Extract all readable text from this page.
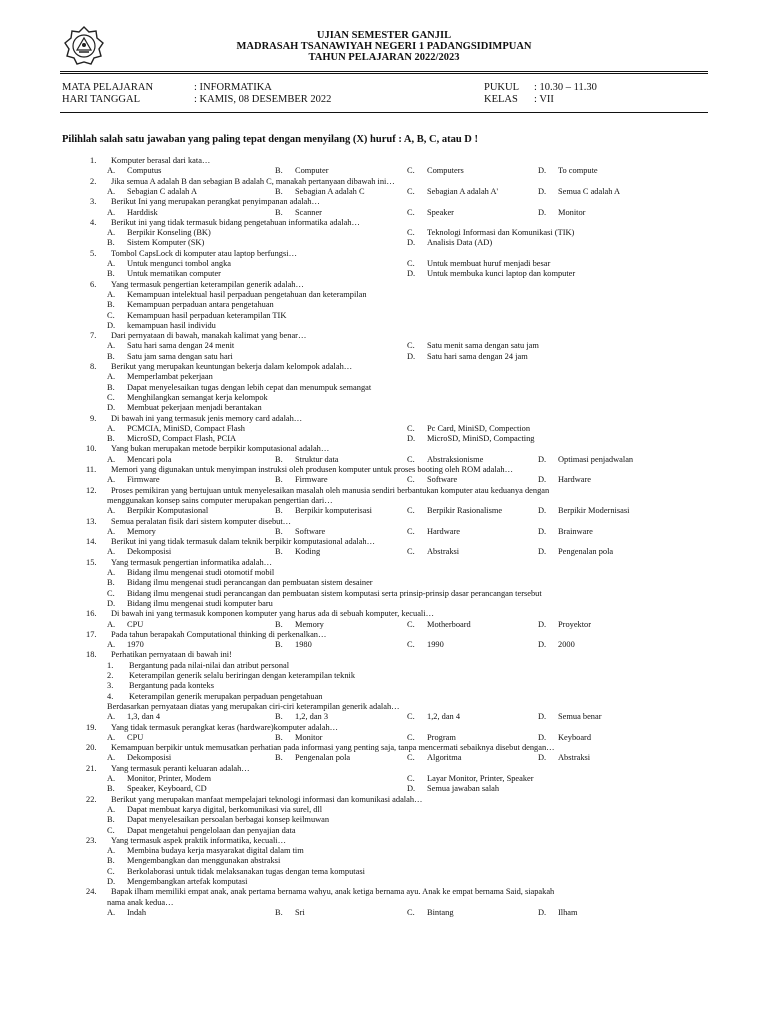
UJIAN SEMESTER GANJIL
MADRASAH TSANAWIYAH NEGERI 1 PADANGSIDIMPUAN
TAHUN PELAJARAN 2022/2023
MATA PELAJARAN	: INFORMATIKA
HARI TANGGAL	: KAMIS, 08 DESEMBER 2022
PUKUL : 10.30 – 11.30
KELAS : VII
Pilihlah salah satu jawaban yang paling tepat dengan menyilang (X) huruf : A, B, C, atau D !
1. Komputer berasal dari kata…
A. Computus	B. Computer	C. Computers	D. To compute
2. Jika semua A adalah B dan sebagian B adalah C, manakah pertanyaan dibawah ini…
A. Sebagian C adalah A	B. Sebagian A adalah C	C. Sebagian A adalah A'	D. Semua C adalah A
3. Berikut Ini yang merupakan perangkat penyimpanan adalah…
A. Harddisk	B. Scanner	C. Speaker	D. Monitor
4. Berikut ini yang tidak termasuk bidang pengetahuan informatika adalah…
A. Berpikir Konseling (BK)	C. Teknologi Informasi dan Komunikasi (TIK)
B. Sistem Komputer (SK)	D. Analisis Data (AD)
5. Tombol CapsLock di komputer atau laptop berfungsi…
A. Untuk mengunci tombol angka	C. Untuk membuat huruf menjadi besar
B. Untuk mematikan computer	D. Untuk membuka kunci laptop dan komputer
6. Yang termasuk pengertian keterampilan generik adalah…
A. Kemampuan intelektual hasil perpaduan pengetahuan dan keterampilan
B. Kemampuan perpaduan antara pengetahuan
C. Kemampuan hasil perpaduan keterampilan TIK
D. kemampuan hasil individu
7. Dari pernyataan di bawah, manakah kalimat yang benar…
A. Satu hari sama dengan 24 menit	C. Satu menit sama dengan satu jam
B. Satu jam sama dengan satu hari	D. Satu hari sama dengan 24 jam
8. Berikut yang merupakan keuntungan bekerja dalam kelompok adalah…
A. Memperlambat pekerjaan
B. Dapat menyelesaikan tugas dengan lebih cepat dan menumpuk semangat
C. Menghilangkan semangat kerja kelompok
D. Membuat pekerjaan menjadi berantakan
9. Di bawah ini yang termasuk jenis memory card adalah…
A. PCMCIA, MiniSD, Compact Flash	C. Pc Card, MiniSD, Compection
B. MicroSD, Compact Flash, PCIA	D. MicroSD, MiniSD, Compacting
10. Yang bukan merupakan metode berpikir komputasional adalah…
A. Mencari pola	B. Struktur data	C. Abstraksionisme	D. Optimasi penjadwalan
11. Memori yang digunakan untuk menyimpan instruksi oleh produsen komputer untuk proses booting oleh ROM adalah…
A. Firmware	B. Firmware	C. Software	D. Hardware
12. Proses pemikiran yang bertujuan untuk menyelesaikan masalah oleh manusia sendiri berbantukan komputer atau keduanya dengan
menggunakan konsep sains computer merupakan pengertian dari…
A. Berpikir Komputasional	B. Berpikir komputerisasi	C. Berpikir Rasionalisme	D. Berpikir Modernisasi
13. Semua peralatan fisik dari sistem komputer disebut…
A. Memory	B. Software	C. Hardware	D. Brainware
14. Berikut ini yang tidak termasuk dalam teknik berpikir komputasional adalah…
A. Dekomposisi	B. Koding	C. Abstraksi	D. Pengenalan pola
15. Yang termasuk pengertian informatika adalah…
A. Bidang ilmu mengenai studi otomotif mobil
B. Bidang ilmu mengenai studi perancangan dan pembuatan sistem desainer
C. Bidang ilmu mengenai studi perancangan dan pembuatan sistem komputasi serta prinsip-prinsip dasar perancangan tersebut
D. Bidang ilmu mengenai studi komputer baru
16. Di bawah ini yang termasuk komponen komputer yang harus ada di sebuah komputer, kecuali…
A. CPU	B. Memory	C. Motherboard	D. Proyektor
17. Pada tahun berapakah Computational thinking di perkenalkan…
A. 1970	B. 1980	C. 1990	D. 2000
18. Perhatikan pernyataan di bawah ini!
1. Bergantung pada nilai-nilai dan atribut personal
2. Keterampilan generik selalu beriringan dengan keterampilan teknik
3. Bergantung pada konteks
4. Keterampilan generik merupakan perpaduan pengetahuan
Berdasarkan pernyataan diatas yang merupakan ciri-ciri keterampilan generik adalah…
A. 1,3, dan 4	B. 1,2, dan 3	C. 1,2, dan 4	D. Semua benar
19. Yang tidak termasuk perangkat keras (hardware)komputer adalah…
A. CPU	B. Monitor	C. Program	D. Keyboard
20. Kemampuan berpikir untuk memusatkan perhatian pada informasi yang penting saja, tanpa mencermati sebaiknya disebut dengan…
A. Dekomposisi	B. Pengenalan pola	C. Algoritma	D. Abstraksi
21. Yang termasuk peranti keluaran adalah…
A. Monitor, Printer, Modem	C. Layar Monitor, Printer, Speaker
B. Speaker, Keyboard, CD	D. Semua jawaban salah
22. Berikut yang merupakan manfaat mempelajari teknologi informasi dan komunikasi adalah…
A. Dapat membuat karya digital, berkomunikasi via surel, dll
B. Dapat menyelesaikan persoalan berbagai konsep keilmuwan
C. Dapat mengetahui pengelolaan dan penyajian data
23. Yang termasuk aspek praktik informatika, kecuali…
A. Membina budaya kerja masyarakat digital dalam tim
B. Mengembangkan dan menggunakan abstraksi
C. Berkolaborasi untuk tidak melaksanakan tugas dengan tema komputasi
D. Mengembangkan artefak komputasi
24. Bapak ilham memiliki empat anak, anak pertama bernama wahyu, anak ketiga bernama ayu. Anak ke empat bernama Said, siapakah
nama anak kedua…
A. Indah	B. Sri	C. Bintang	D. Ilham
